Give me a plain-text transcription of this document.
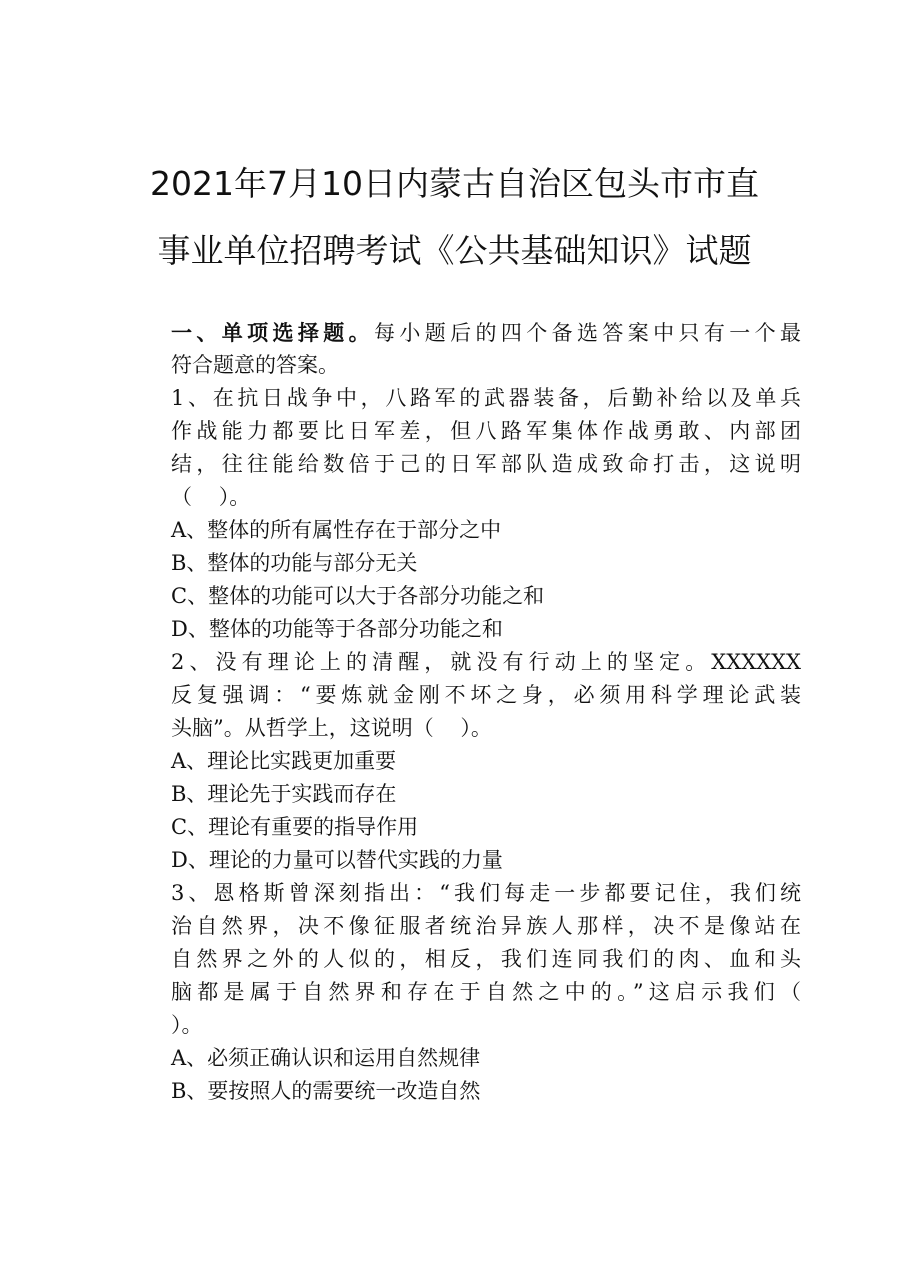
2021年7月10日内蒙古自治区包头市市直
事业单位招聘考试《公共基础知识》试题
一、单项选择题。每小题后的四个备选答案中只有一个最
符合题意的答案。
1、在抗日战争中，八路军的武器装备，后勤补给以及单兵
作战能力都要比日军差，但八路军集体作战勇敢、内部团
结，往往能给数倍于己的日军部队造成致命打击，这说明
（    ）。
A、整体的所有属性存在于部分之中
B、整体的功能与部分无关
C、整体的功能可以大于各部分功能之和
D、整体的功能等于各部分功能之和
2、没有理论上的清醒，就没有行动上的坚定。XXXXXX
反复强调：“要炼就金刚不坏之身，必须用科学理论武装
头脑”。从哲学上，这说明（    ）。
A、理论比实践更加重要
B、理论先于实践而存在
C、理论有重要的指导作用
D、理论的力量可以替代实践的力量
3、恩格斯曾深刻指出：“我们每走一步都要记住，我们统
治自然界，决不像征服者统治异族人那样，决不是像站在
自然界之外的人似的，相反，我们连同我们的肉、血和头
脑都是属于自然界和存在于自然之中的。”这启示我们（
）。
A、必须正确认识和运用自然规律
B、要按照人的需要统一改造自然
